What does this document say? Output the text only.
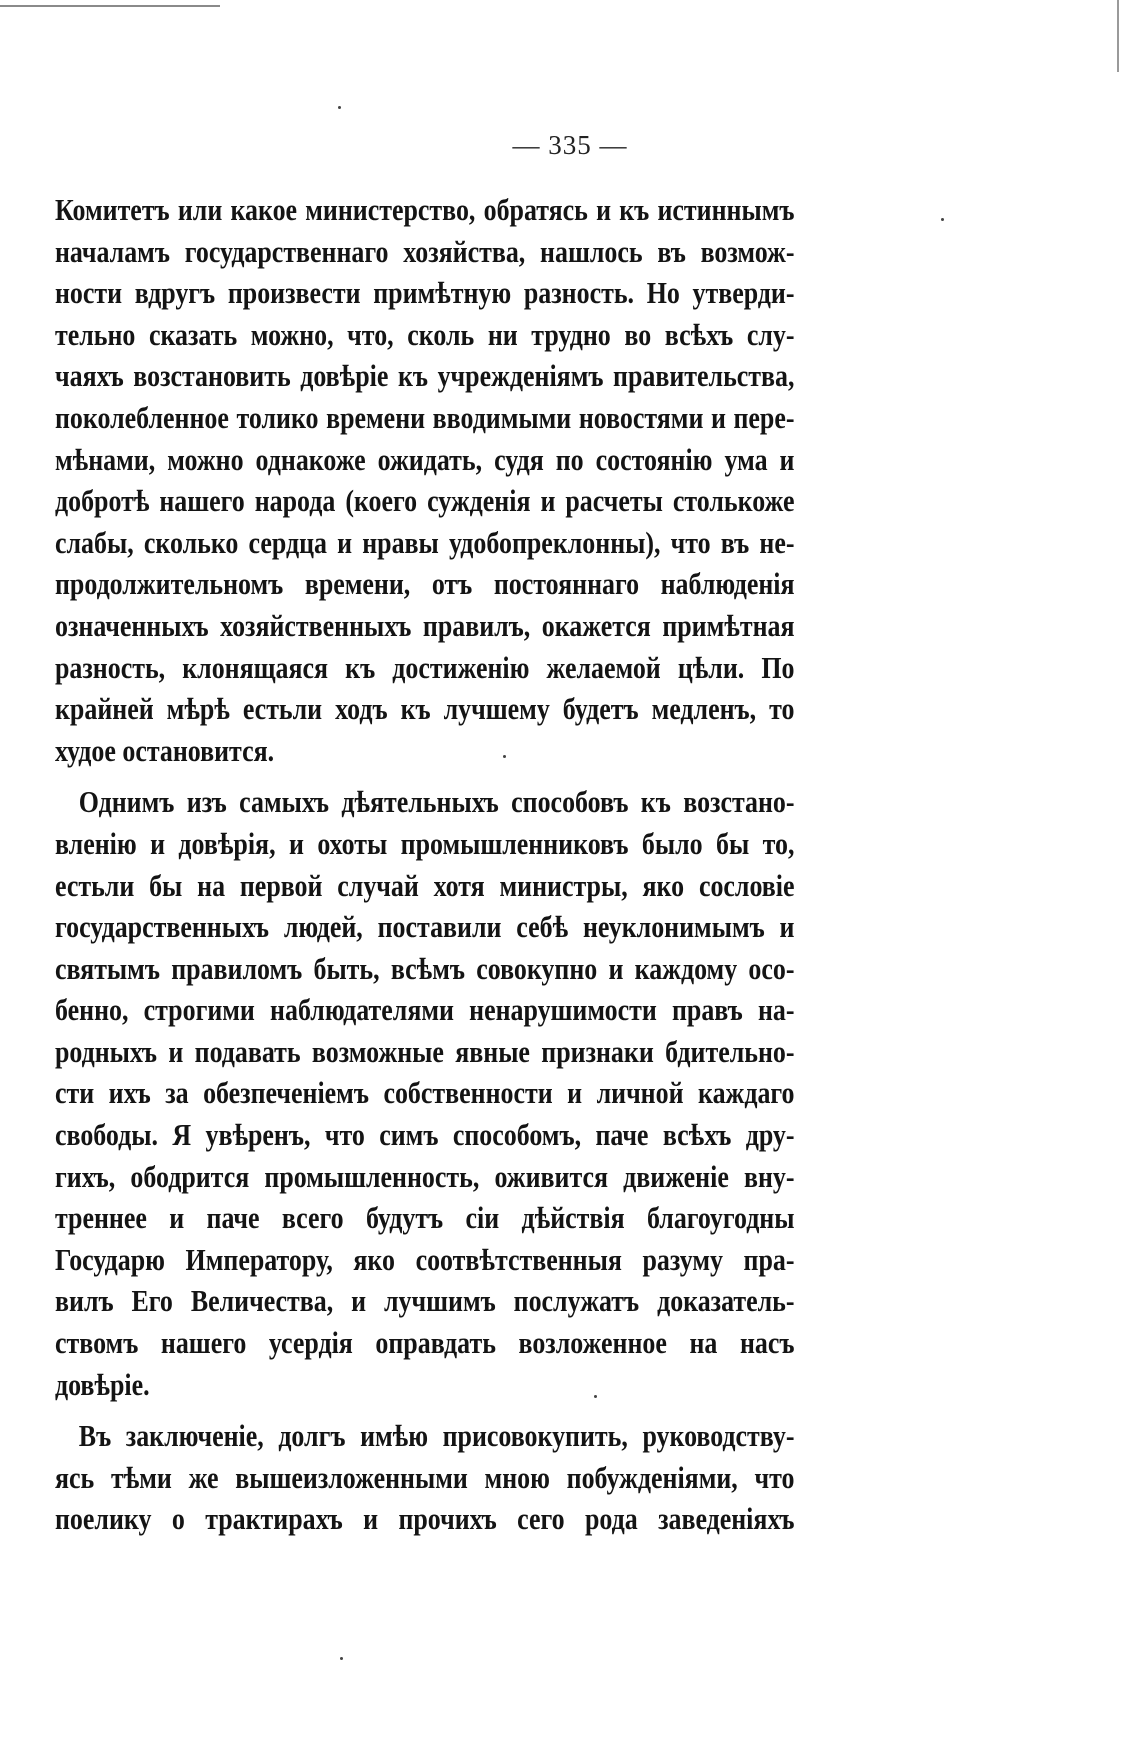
— 335 —
Комитетъ или какое министерство, обратясь и къ истиннымъ
началамъ государственнаго хозяйства, нашлось въ возмож-
ности вдругъ произвести примѣтную разность. Но утверди-
тельно сказать можно, что, сколь ни трудно во всѣхъ слу-
чаяхъ возстановить довѣріе къ учрежденіямъ правительства,
поколебленное толико времени вводимыми новостями и пере-
мѣнами, можно однакоже ожидать, судя по состоянію ума и
добротѣ нашего народа (коего сужденія и расчеты столькоже
слабы, сколько сердца и нравы удобопреклонны), что въ не-
продолжительномъ времени, отъ постояннаго наблюденія
означенныхъ хозяйственныхъ правилъ, окажется примѣтная
разность, клонящаяся къ достиженію желаемой цѣли. По
крайней мѣрѣ естьли ходъ къ лучшему будетъ медленъ, то
худое остановится.
Однимъ изъ самыхъ дѣятельныхъ способовъ къ возстано-
вленію и довѣрія, и охоты промышленниковъ было бы то,
естьли бы на первой случай хотя министры, яко сословіе
государственныхъ людей, поставили себѣ неуклонимымъ и
святымъ правиломъ быть, всѣмъ совокупно и каждому осо-
бенно, строгими наблюдателями ненарушимости правъ на-
родныхъ и подавать возможные явные признаки бдительно-
сти ихъ за обезпеченіемъ собственности и личной каждаго
свободы. Я увѣренъ, что симъ способомъ, паче всѣхъ дру-
гихъ, ободрится промышленность, оживится движеніе вну-
треннее и паче всего будутъ сіи дѣйствія благоугодны
Государю Императору, яко соотвѣтственныя разуму пра-
вилъ Его Величества, и лучшимъ послужатъ доказатель-
ствомъ нашего усердія оправдать возложенное на насъ
довѣріе.
Въ заключеніе, долгъ имѣю присовокупить, руководству-
ясь тѣми же вышеизложенными мною побужденіями, что
поелику о трактирахъ и прочихъ сего рода заведеніяхъ
